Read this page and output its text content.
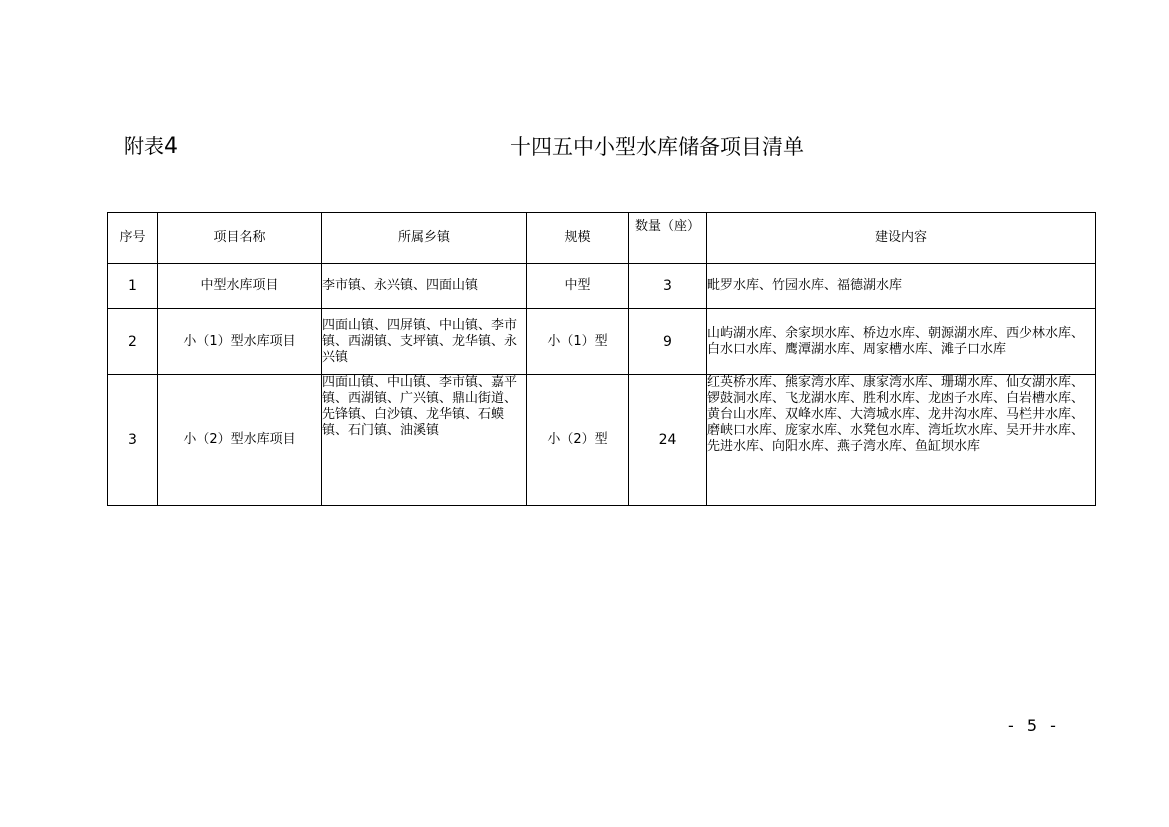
附表4	十四五中小型水库储备项目清单
序号	项目名称	所属乡镇	规模	数量（座）	建设内容
1	中型水库项目	李市镇、永兴镇、四面山镇	中型	3	毗罗水库、竹园水库、福德湖水库
2	小（1）型水库项目	四面山镇、四屏镇、中山镇、李市镇、西湖镇、支坪镇、龙华镇、永兴镇	小（1）型	9	山屿湖水库、余家坝水库、桥边水库、朝源湖水库、西少林水库、白水口水库、鹰潭湖水库、周家槽水库、滩子口水库
3	小（2）型水库项目	四面山镇、中山镇、李市镇、嘉平镇、西湖镇、广兴镇、鼎山街道、先锋镇、白沙镇、龙华镇、石蟆镇、石门镇、油溪镇	小（2）型	24	红英桥水库、熊家湾水库、康家湾水库、珊瑚水库、仙女湖水库、锣鼓洞水库、飞龙湖水库、胜利水库、龙凼子水库、白岩槽水库、黄台山水库、双峰水库、大湾城水库、龙井沟水库、马栏井水库、磨峡口水库、庞家水库、水凳包水库、湾坵坎水库、吴开井水库、先进水库、向阳水库、燕子湾水库、鱼缸坝水库
- 5 -
